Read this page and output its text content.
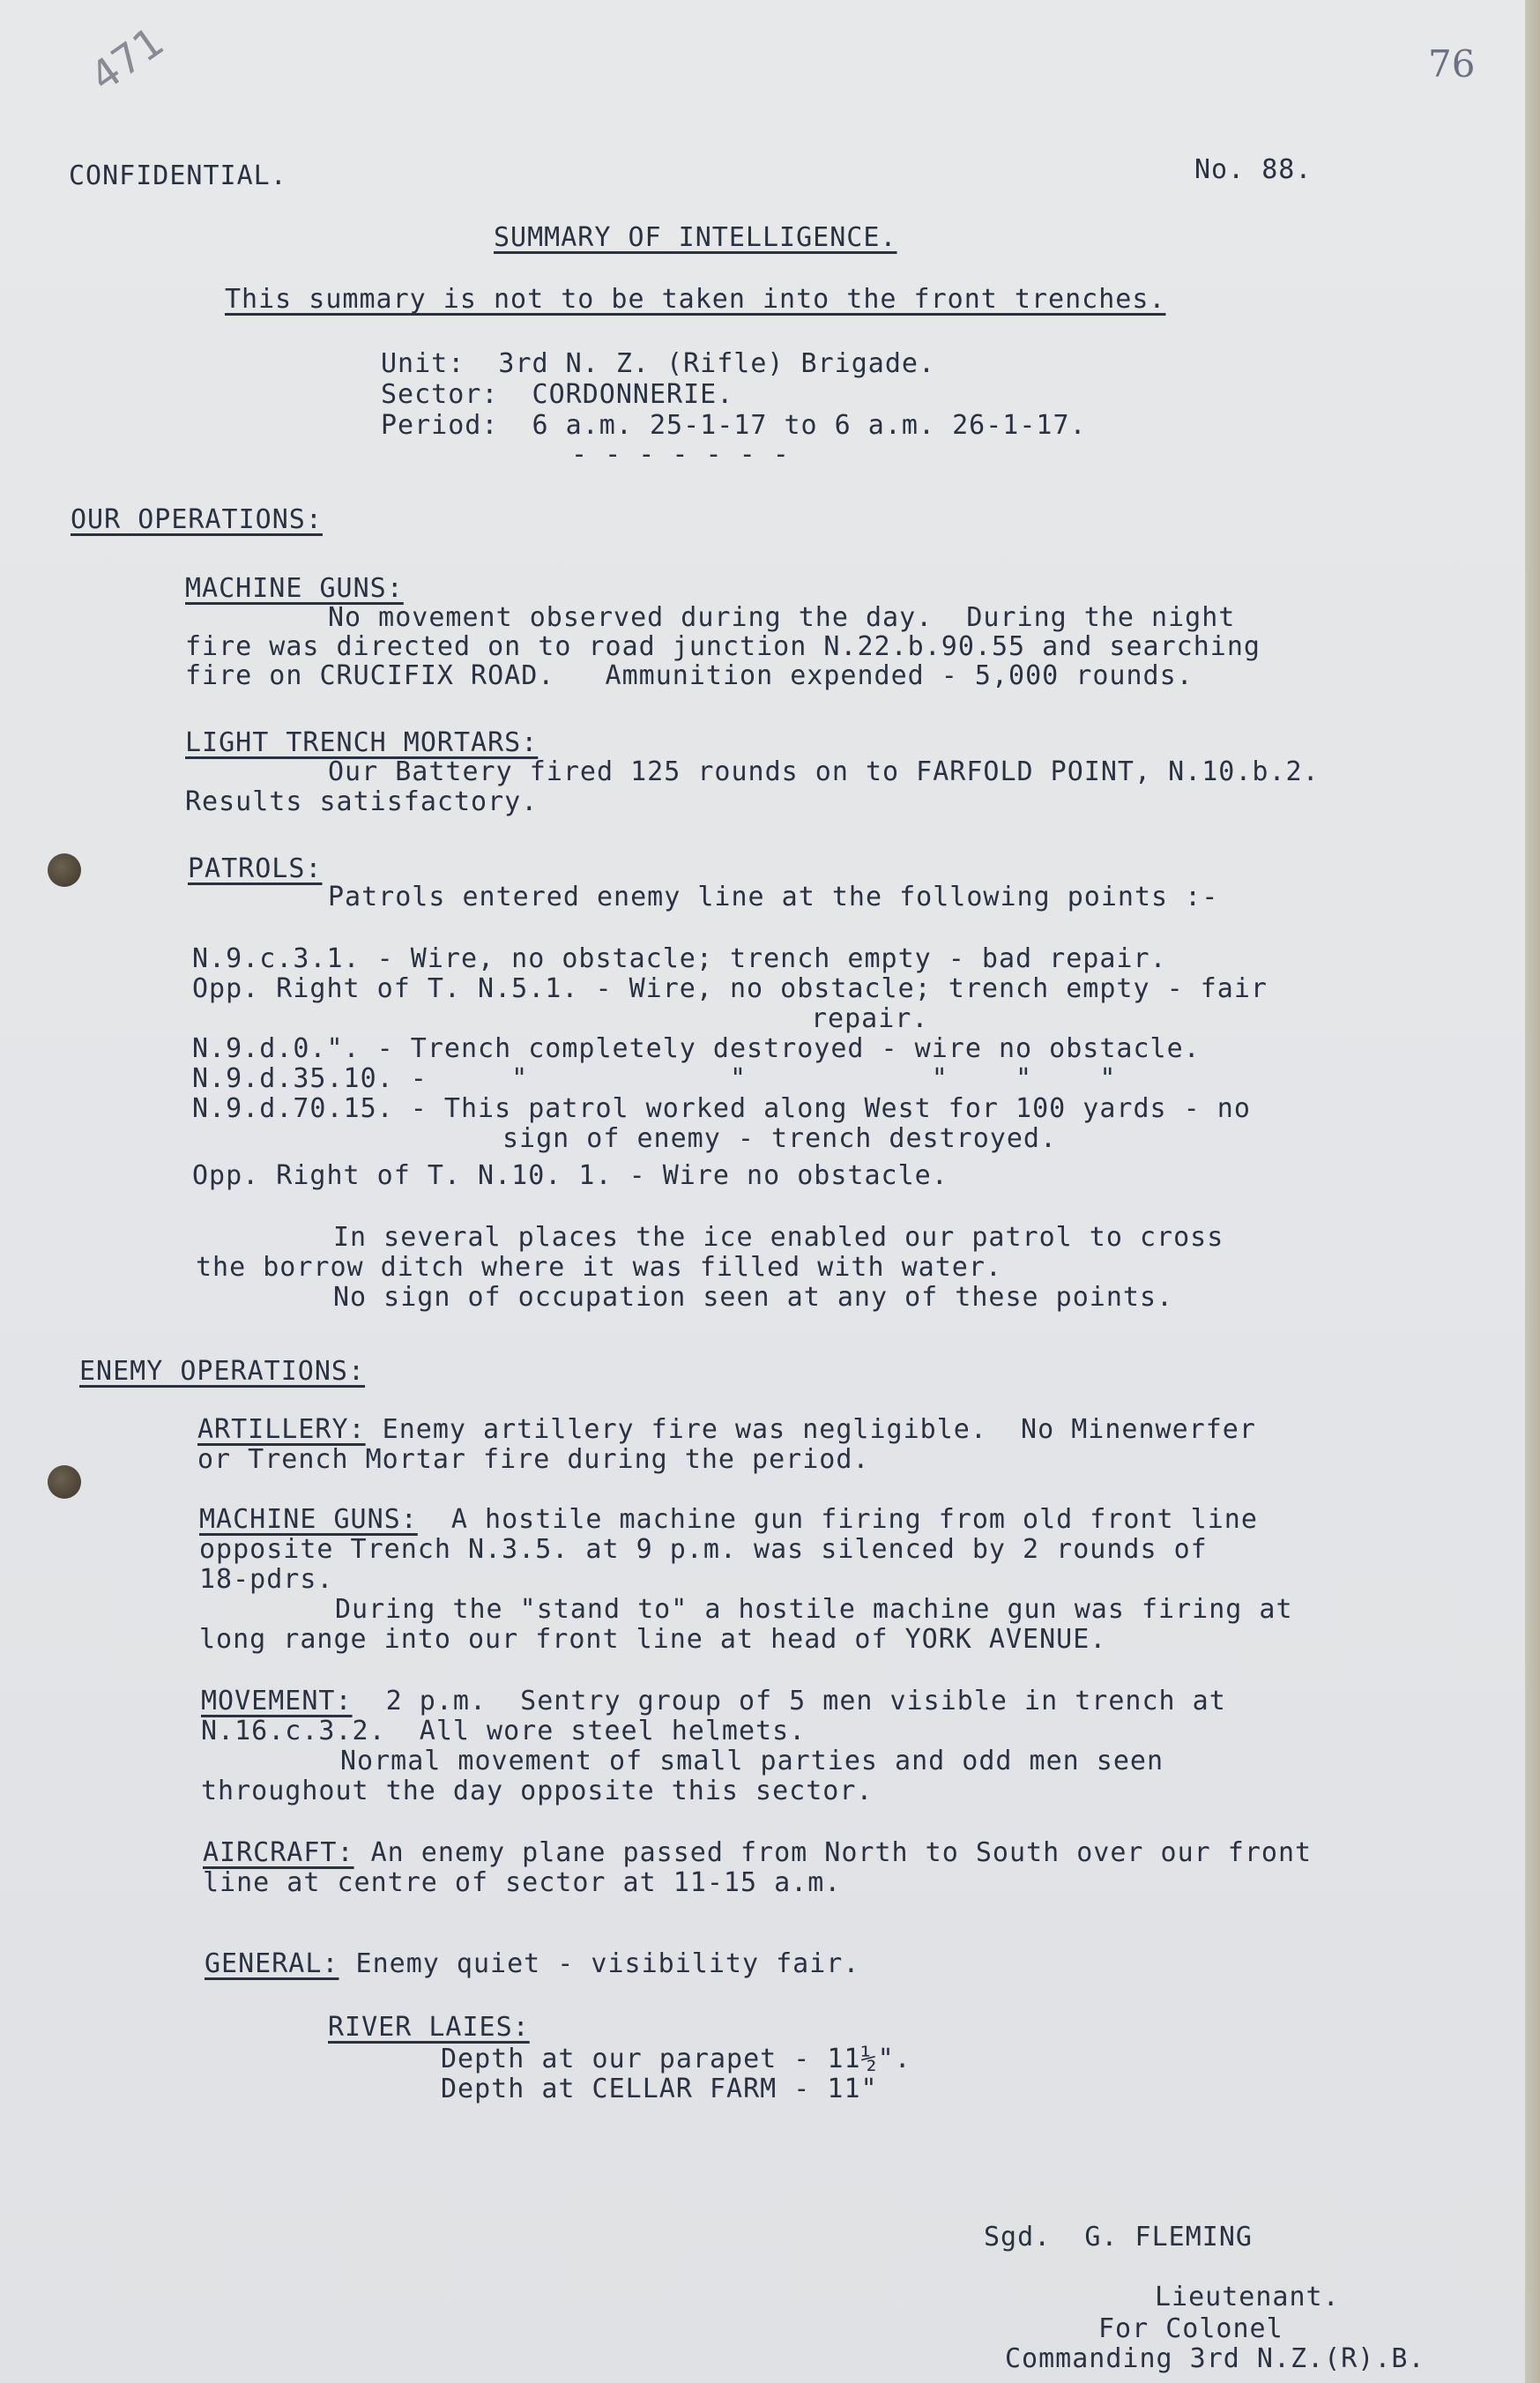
471	76
CONFIDENTIAL.	No. 88.
SUMMARY OF INTELLIGENCE.
This summary is not to be taken into the front trenches.
Unit:  3rd N. Z. (Rifle) Brigade.
Sector:  CORDONNERIE.
Period:  6 a.m. 25-1-17 to 6 a.m. 26-1-17.
- - - - - - -
OUR OPERATIONS:
MACHINE GUNS:
No movement observed during the day.  During the night
fire was directed on to road junction N.22.b.90.55 and searching
fire on CRUCIFIX ROAD.   Ammunition expended - 5,000 rounds.
LIGHT TRENCH MORTARS:
Our Battery fired 125 rounds on to FARFOLD POINT, N.10.b.2.
Results satisfactory.
PATROLS:
Patrols entered enemy line at the following points :-
N.9.c.3.1. - Wire, no obstacle; trench empty - bad repair.
Opp. Right of T. N.5.1. - Wire, no obstacle; trench empty - fair
repair.
N.9.d.0.". - Trench completely destroyed - wire no obstacle.
N.9.d.35.10. -     "            "           "    "    "
N.9.d.70.15. - This patrol worked along West for 100 yards - no
sign of enemy - trench destroyed.
Opp. Right of T. N.10. 1. - Wire no obstacle.
In several places the ice enabled our patrol to cross
the borrow ditch where it was filled with water.
No sign of occupation seen at any of these points.
ENEMY OPERATIONS:
ARTILLERY: Enemy artillery fire was negligible.  No Minenwerfer
or Trench Mortar fire during the period.
MACHINE GUNS:  A hostile machine gun firing from old front line
opposite Trench N.3.5. at 9 p.m. was silenced by 2 rounds of
18-pdrs.
During the "stand to" a hostile machine gun was firing at
long range into our front line at head of YORK AVENUE.
MOVEMENT:  2 p.m.  Sentry group of 5 men visible in trench at
N.16.c.3.2.  All wore steel helmets.
Normal movement of small parties and odd men seen
throughout the day opposite this sector.
AIRCRAFT: An enemy plane passed from North to South over our front
line at centre of sector at 11-15 a.m.
GENERAL: Enemy quiet - visibility fair.
RIVER LAIES:
Depth at our parapet - 11½".
Depth at CELLAR FARM - 11"
Sgd.  G. FLEMING
Lieutenant.
For Colonel
Commanding 3rd N.Z.(R).B.
